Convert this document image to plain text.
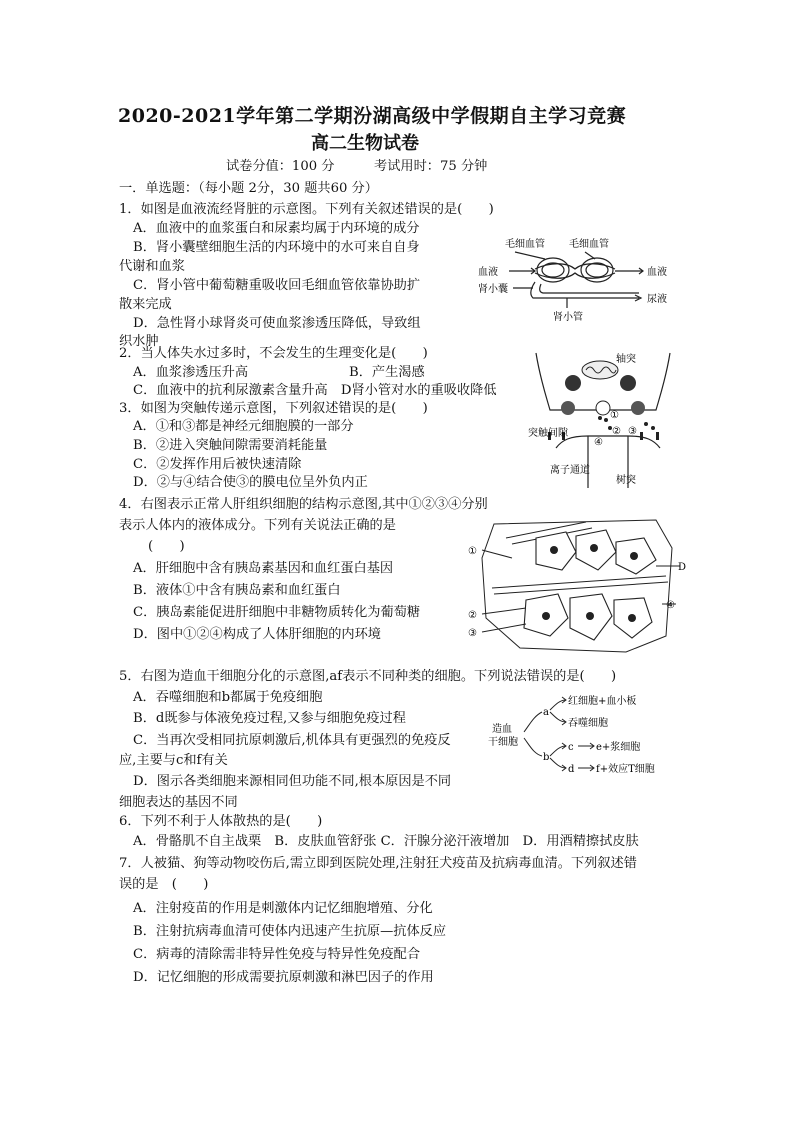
2020-2021学年第二学期汾湖高级中学假期自主学习竞赛
高二生物试卷
试卷分值：100 分　　　考试用时：75 分钟
一．单选题：（每小题 2分，30 题共60 分）
1．如图是血液流经肾脏的示意图。下列有关叙述错误的是(　　)
A．血液中的血浆蛋白和尿素均属于内环境的成分
B．肾小囊壁细胞生活的内环境中的水可来自自身
代谢和血浆
C．肾小管中葡萄糖重吸收回毛细血管依靠协助扩
散来完成
D．急性肾小球肾炎可使血浆渗透压降低，导致组
织水肿
毛细血管 毛细血管
血液	血液
肾小囊
尿液
肾小管
2．当人体失水过多时，不会发生的生理变化是(　　)
A．血浆渗透压升高	B．产生渴感
C．血液中的抗利尿激素含量升高　D肾小管对水的重吸收降低
3．如图为突触传递示意图，下列叙述错误的是(　　)
A．①和③都是神经元细胞膜的一部分
B．②进入突触间隙需要消耗能量
C．②发挥作用后被快速清除
D．②与④结合使③的膜电位呈外负内正
轴突
突触间隙
离子通道
树突
①
② ③
④
4．右图表示正常人肝组织细胞的结构示意图,其中①②③④分别
表示人体内的液体成分。下列有关说法正确的是
(　　)
A．肝细胞中含有胰岛素基因和血红蛋白基因
B．液体①中含有胰岛素和血红蛋白
C．胰岛素能促进肝细胞中非糖物质转化为葡萄糖
D．图中①②④构成了人体肝细胞的内环境
①
②
③
④
D
5．右图为造血干细胞分化的示意图,af表示不同种类的细胞。下列说法错误的是(　　)
A．吞噬细胞和b都属于免疫细胞
B．d既参与体液免疫过程,又参与细胞免疫过程
C．当再次受相同抗原刺激后,机体具有更强烈的免疫反
应,主要与c和f有关
D．图示各类细胞来源相同但功能不同,根本原因是不同
细胞表达的基因不同
造血
干细胞
a
b
红细胞+血小板
吞噬细胞
c e+浆细胞
d f+效应T细胞
6．下列不利于人体散热的是(　　)
A．骨骼肌不自主战栗　B．皮肤血管舒张 C．汗腺分泌汗液增加　D．用酒精擦拭皮肤
7．人被猫、狗等动物咬伤后,需立即到医院处理,注射狂犬疫苗及抗病毒血清。下列叙述错
误的是　(　　)
A．注射疫苗的作用是刺激体内记忆细胞增殖、分化
B．注射抗病毒血清可使体内迅速产生抗原—抗体反应
C．病毒的清除需非特异性免疫与特异性免疫配合
D．记忆细胞的形成需要抗原刺激和淋巴因子的作用
